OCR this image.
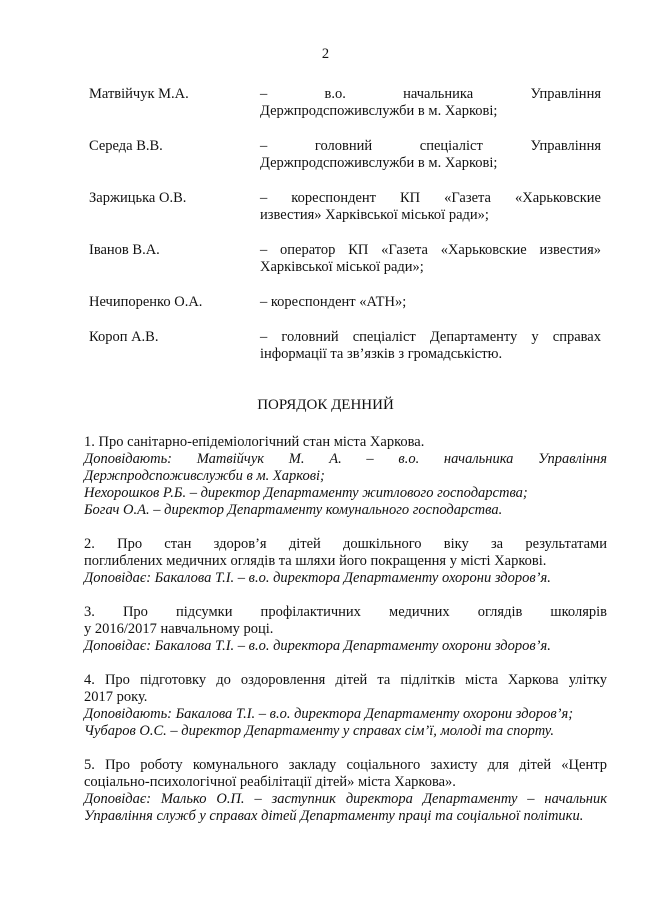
2
Матвійчук М.А.	– в.о. начальника Управління
Держпродспоживслужби в м. Харкові;
Середа В.В.	– головний спеціаліст Управління
Держпродспоживслужби в м. Харкові;
Заржицька О.В.	– кореспондент КП «Газета «Харьковские
известия» Харківської міської ради»;
Іванов В.А.	– оператор КП «Газета «Харьковские известия»
Харківської міської ради»;
Нечипоренко О.А.	– кореспондент «АТН»;
Короп А.В.	– головний спеціаліст Департаменту у справах
інформації та зв’язків з громадськістю.
ПОРЯДОК ДЕННИЙ
1. Про санітарно-епідеміологічний стан міста Харкова.
Доповідають: Матвійчук М. А. – в.о. начальника Управління
Держпродспоживслужби в м. Харкові;
Нехорошков Р.Б. – директор Департаменту житлового господарства;
Богач О.А. – директор Департаменту комунального господарства.
2. Про стан здоров’я дітей дошкільного віку за результатами
поглиблених медичних оглядів та шляхи його покращення у місті Харкові.
Доповідає: Бакалова Т.І. – в.о. директора Департаменту охорони здоров’я.
3. Про підсумки профілактичних медичних оглядів школярів
у 2016/2017 навчальному році.
Доповідає: Бакалова Т.І. – в.о. директора Департаменту охорони здоров’я.
4. Про підготовку до оздоровлення дітей та підлітків міста Харкова улітку
2017 року.
Доповідають: Бакалова Т.І. – в.о. директора Департаменту охорони здоров’я;
Чубаров О.С. – директор Департаменту у справах сім’ї, молоді та спорту.
5. Про роботу комунального закладу соціального захисту для дітей «Центр
соціально-психологічної реабілітації дітей» міста Харкова».
Доповідає: Малько О.П. – заступник директора Департаменту – начальник
Управління служб у справах дітей Департаменту праці та соціальної політики.
